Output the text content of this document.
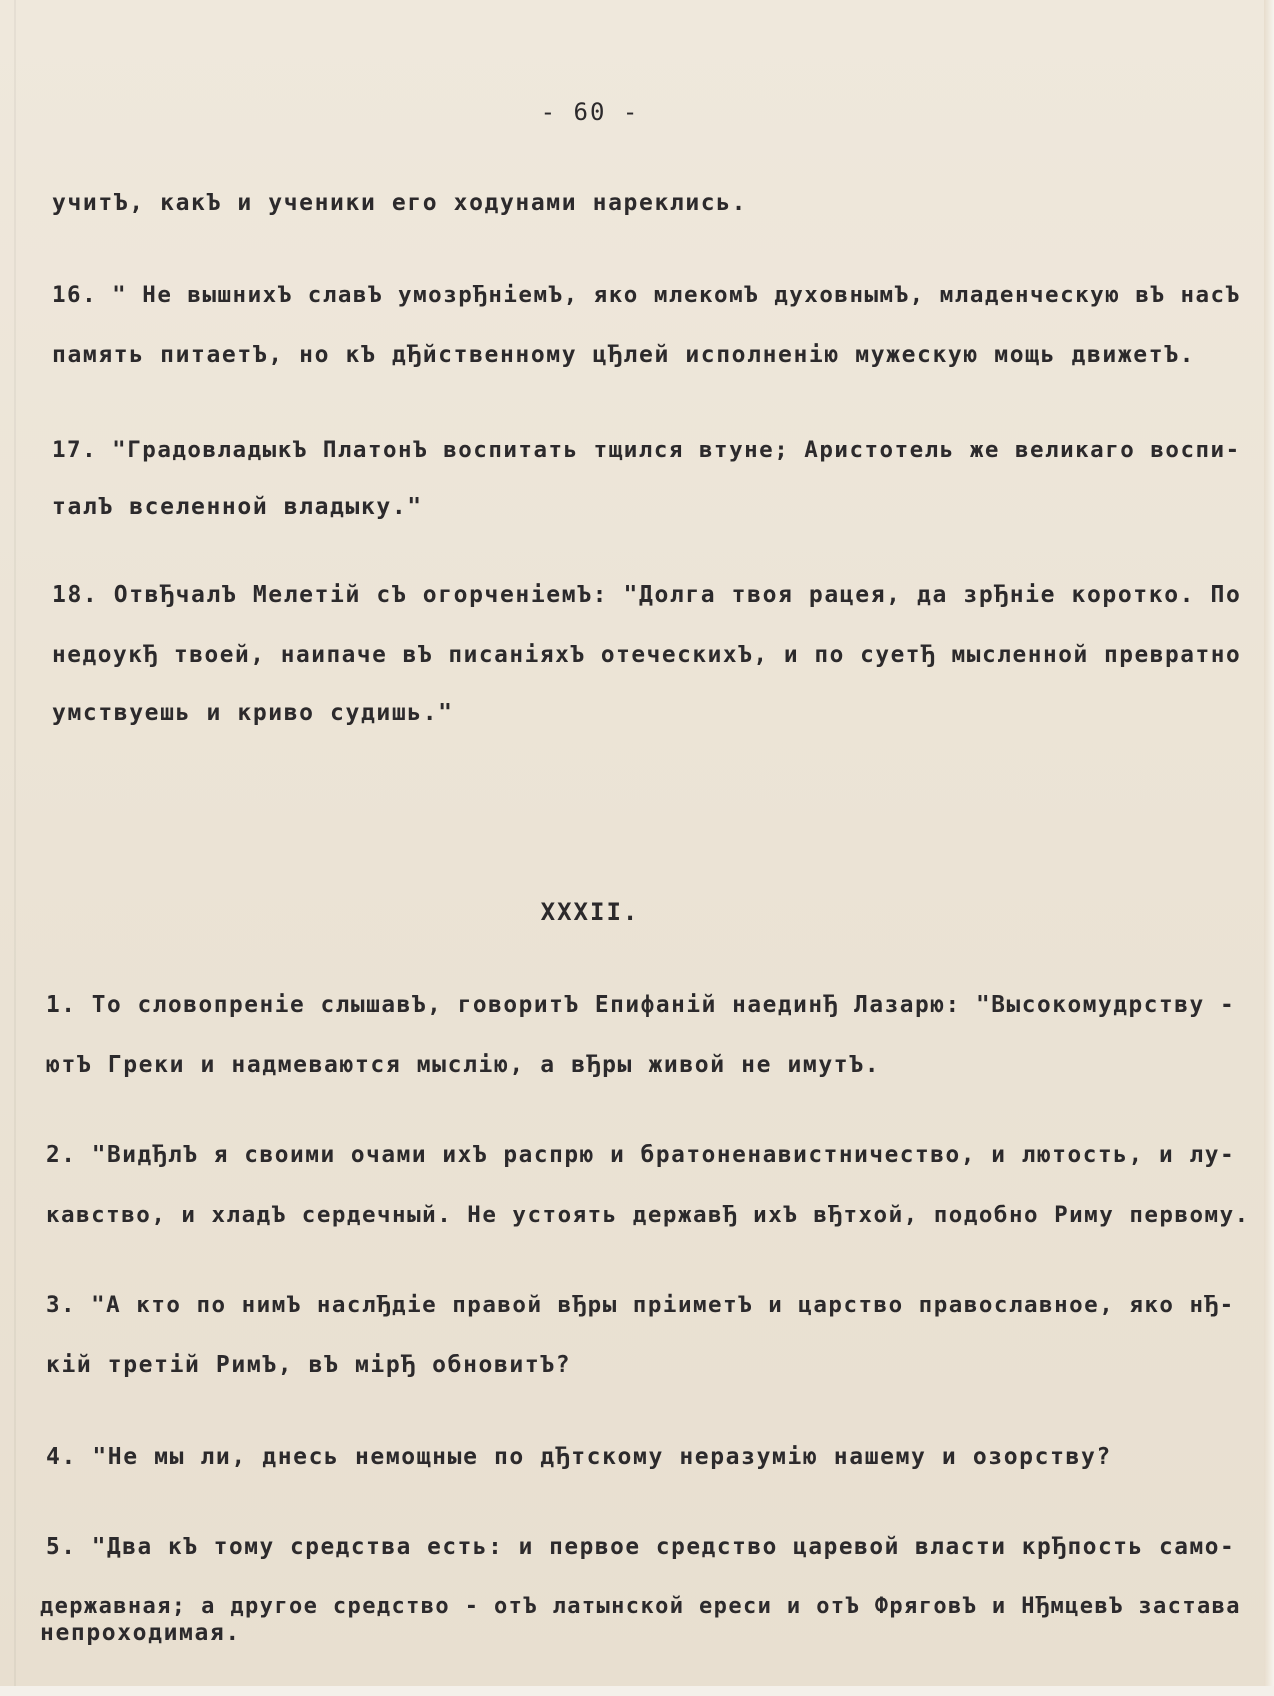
- 60 -
учитЪ, какЪ и ученики его ходунами нареклись.
16. " Не вышнихЪ славЪ умозрЂнiемЪ, яко млекомЪ духовнымЪ, младенческую вЪ насЪ
память питаетЪ, но кЪ дЂйственному цЂлей исполненiю мужескую мощь движетЪ.
17. "ГрадовладыкЪ ПлатонЪ воспитать тщился втуне; Аристотель же великаго воспи-
талЪ вселенной владыку."
18. ОтвЂчалЪ Мелетiй сЪ огорченiемЪ: "Долга твоя рацея, да зрЂнiе коротко. По
недоукЂ твоей, наипаче вЪ писанiяхЪ отеческихЪ, и по суетЂ мысленной превратно
умствуешь и криво судишь."
XXXII.
1. То словопренiе слышавЪ, говоритЪ Епифанiй наединЂ Лазарю: "Высокомудрству -
ютЪ Греки и надмеваются мыслiю, а вЂры живой не имутЪ.
2. "ВидЂлЪ я своими очами ихЪ распрю и братоненавистничество, и лютость, и лу-
кавство, и хладЪ сердечный. Не устоять державЂ ихЪ вЂтхой, подобно Риму первому.
3. "А кто по нимЪ наслЂдiе правой вЂры прiиметЪ и царство православное, яко нЂ-
кiй третiй РимЪ, вЪ мiрЂ обновитЪ?
4. "Не мы ли, днесь немощные по дЂтскому неразумiю нашему и озорству?
5. "Два кЪ тому средства есть: и первое средство царевой власти крЂпость само-
державная; а другое средство - отЪ латынской ереси и отЪ ФряговЪ и НЂмцевЪ застава
непроходимая.
